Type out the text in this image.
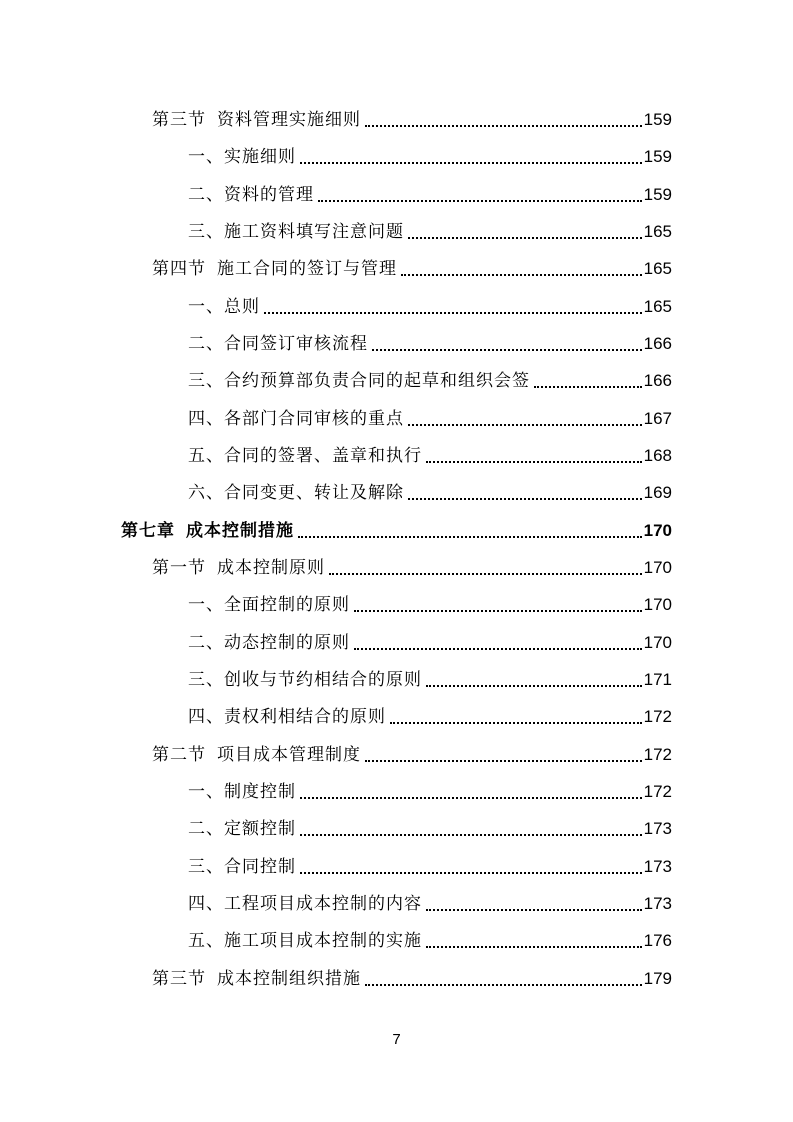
第三节 资料管理实施细则	159
一、实施细则	159
二、资料的管理	159
三、施工资料填写注意问题	165
第四节 施工合同的签订与管理	165
一、总则	165
二、合同签订审核流程	166
三、合约预算部负责合同的起草和组织会签	166
四、各部门合同审核的重点	167
五、合同的签署、盖章和执行	168
六、合同变更、转让及解除	169
第七章 成本控制措施	170
第一节 成本控制原则	170
一、全面控制的原则	170
二、动态控制的原则	170
三、创收与节约相结合的原则	171
四、责权利相结合的原则	172
第二节 项目成本管理制度	172
一、制度控制	172
二、定额控制	173
三、合同控制	173
四、工程项目成本控制的内容	173
五、施工项目成本控制的实施	176
第三节 成本控制组织措施	179
7
